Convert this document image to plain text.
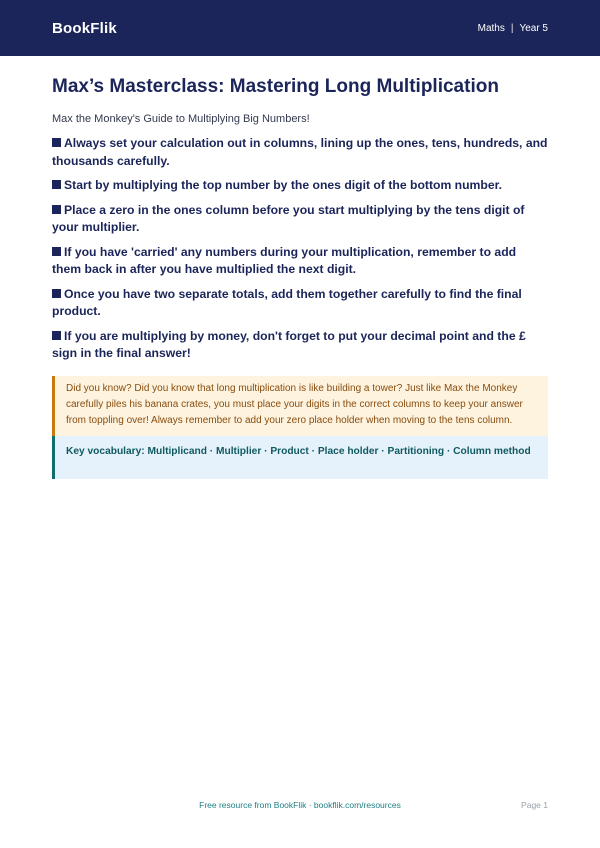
BookFlik	Maths | Year 5
Max’s Masterclass: Mastering Long Multiplication
Max the Monkey's Guide to Multiplying Big Numbers!
Always set your calculation out in columns, lining up the ones, tens, hundreds, and thousands carefully.
Start by multiplying the top number by the ones digit of the bottom number.
Place a zero in the ones column before you start multiplying by the tens digit of your multiplier.
If you have 'carried' any numbers during your multiplication, remember to add them back in after you have multiplied the next digit.
Once you have two separate totals, add them together carefully to find the final product.
If you are multiplying by money, don't forget to put your decimal point and the £ sign in the final answer!
Did you know? Did you know that long multiplication is like building a tower? Just like Max the Monkey carefully piles his banana crates, you must place your digits in the correct columns to keep your answer from toppling over! Always remember to add your zero place holder when moving to the tens column.
Key vocabulary: Multiplicand · Multiplier · Product · Place holder · Partitioning · Column method
Free resource from BookFlik · bookflik.com/resources	Page 1
